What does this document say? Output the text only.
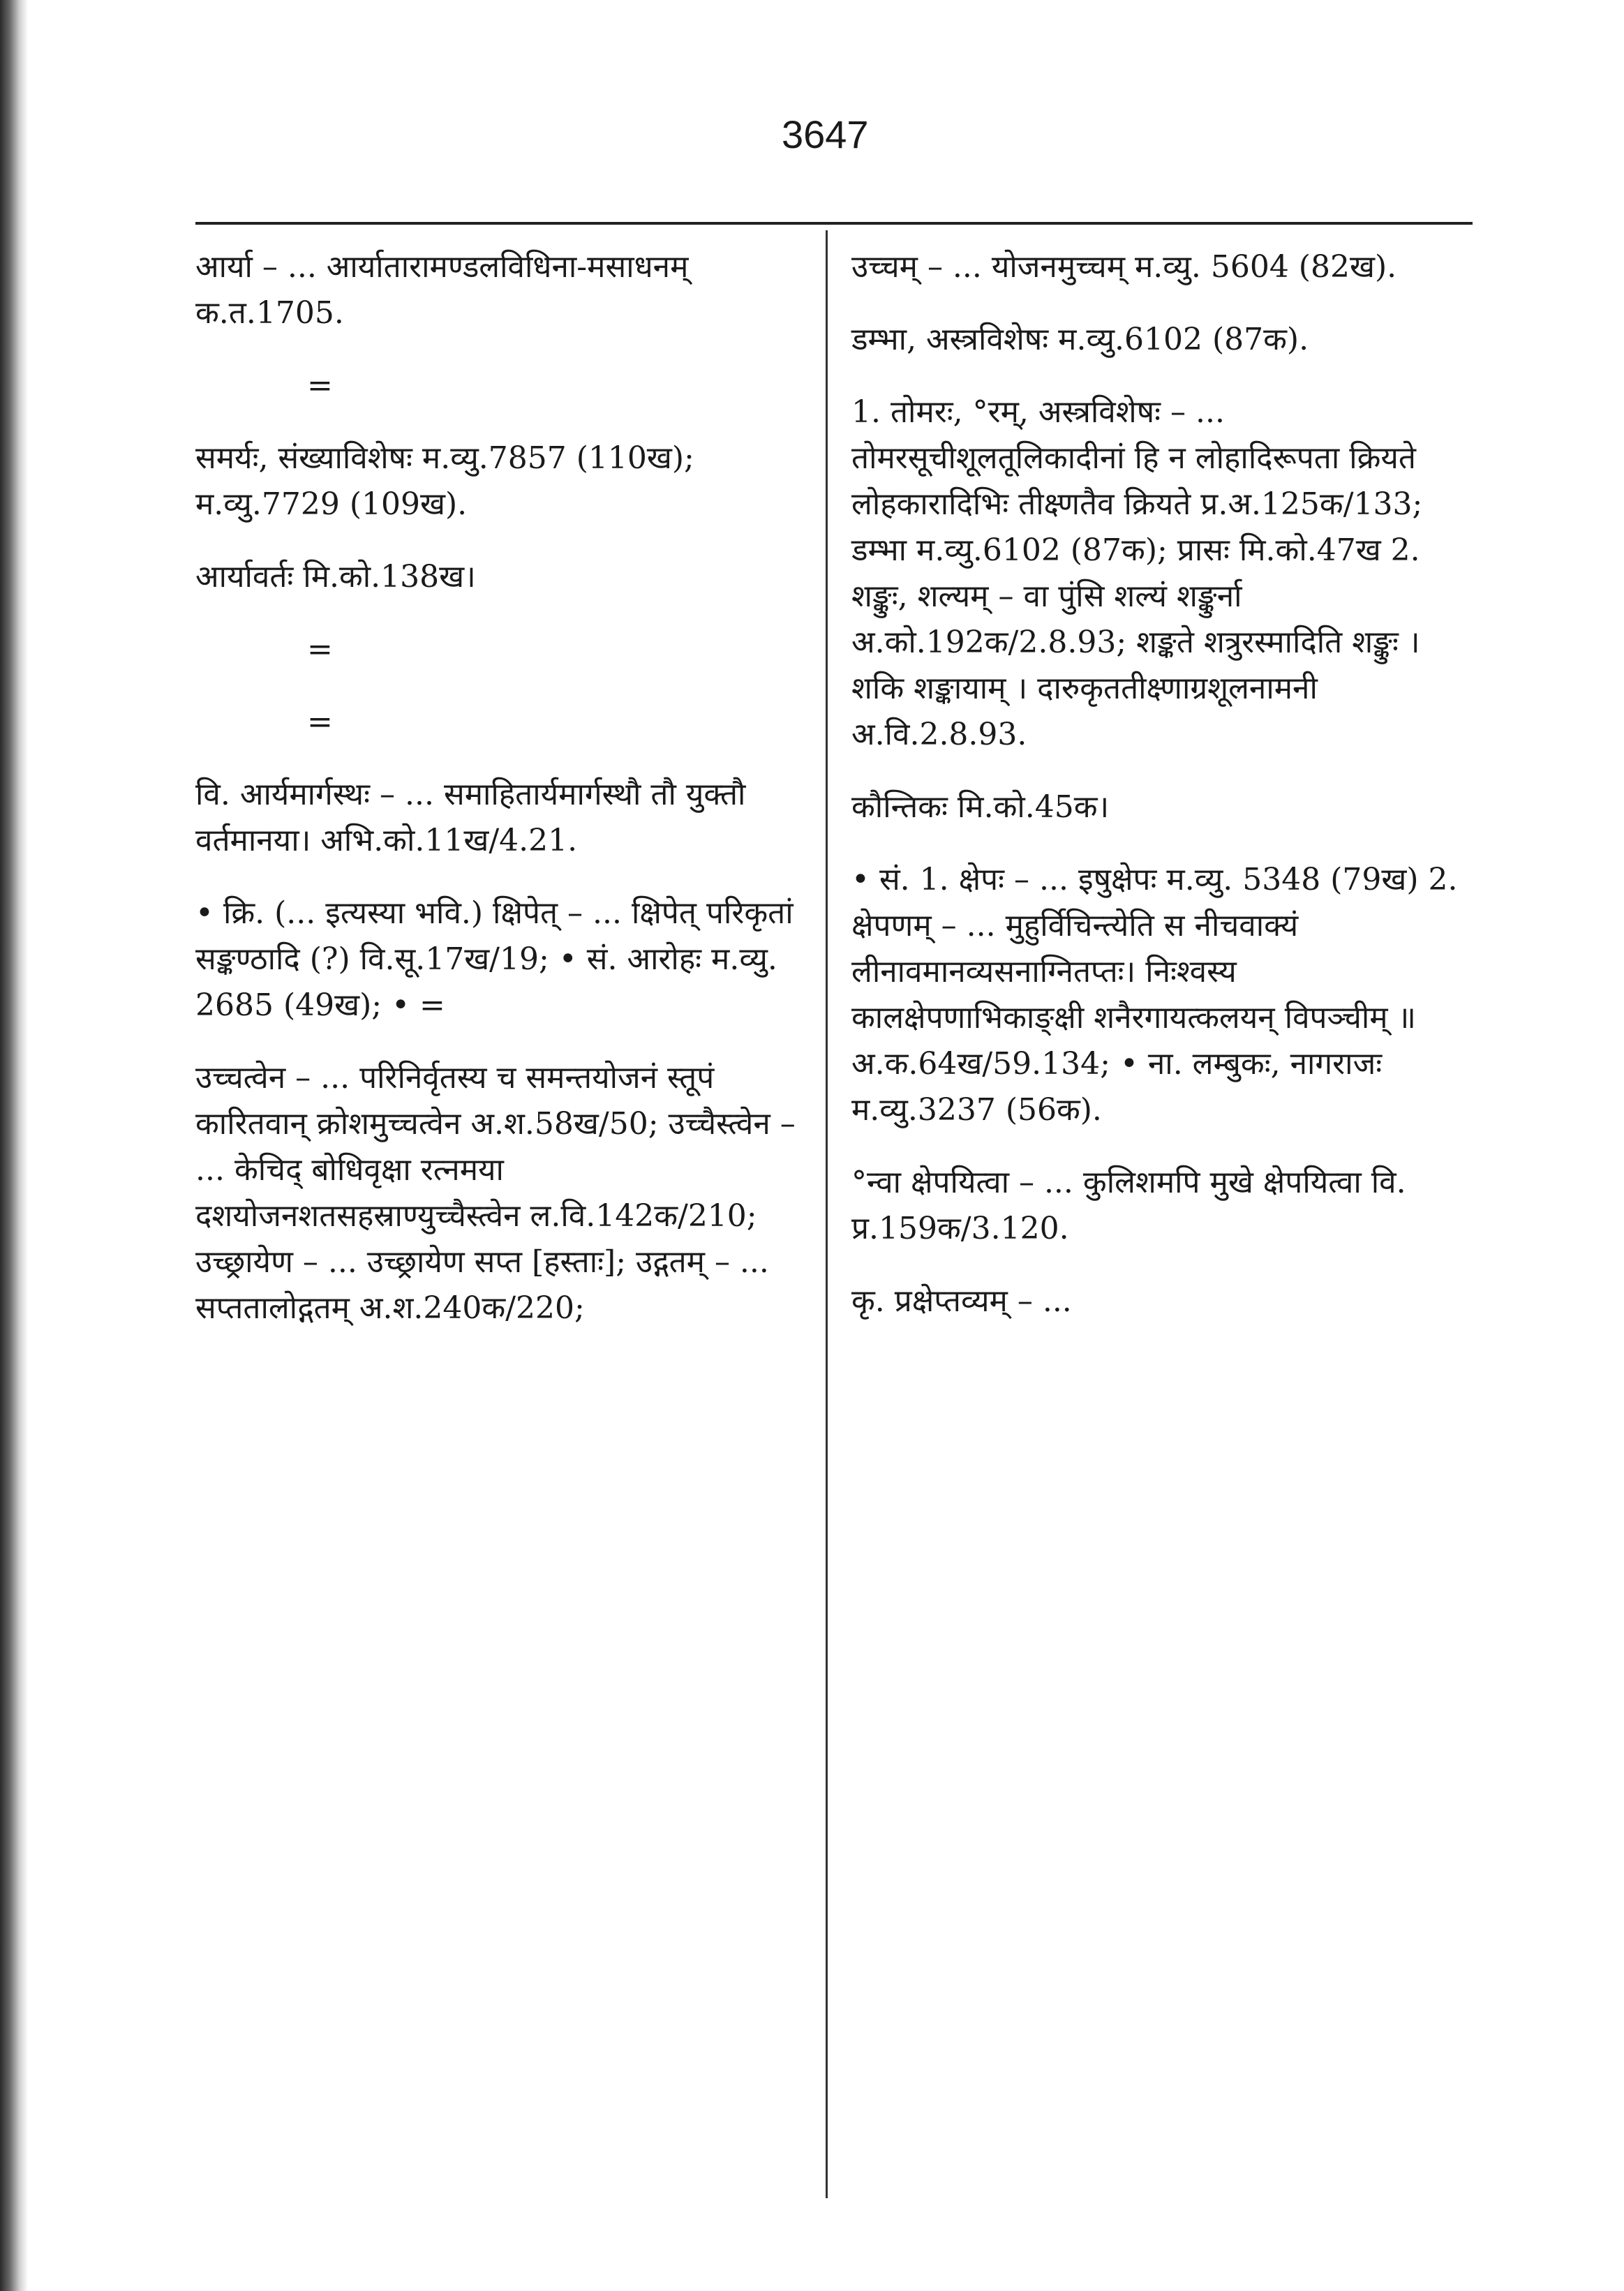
3647
आर्या – ... आर्यातारामण्डलविधिना-मसाधनम् क.त.1705.
=
समर्यः, संख्याविशेषः म.व्यु.7857 (110ख); म.व्यु.7729 (109ख).
आर्यावर्तः मि.को.138ख।
=
=
वि. आर्यमार्गस्थः – ... समाहितार्यमार्गस्थौ तौ युक्तौ वर्तमानया। अभि.को.11ख/4.21.
• क्रि. (... इत्यस्या भवि.) क्षिपेत् – ... क्षिपेत् परिकृतां सङ्कण्ठादि (?) वि.सू.17ख/19; • सं. आरोहः म.व्यु. 2685 (49ख); • =
उच्चत्वेन – ... परिनिर्वृतस्य च समन्तयोजनं स्तूपं कारितवान् क्रोशमुच्चत्वेन अ.श.58ख/50; उच्चैस्त्वेन – ... केचिद् बोधिवृक्षा रत्नमया दशयोजनशतसहस्राण्युच्चैस्त्वेन ल.वि.142क/210; उच्छ्रायेण – ... उच्छ्रायेण सप्त [हस्ताः]; उद्गतम् – ... सप्ततालोद्गतम् अ.श.240क/220;
उच्चम् – ... योजनमुच्चम् म.व्यु. 5604 (82ख).
डम्भा, अस्त्रविशेषः म.व्यु.6102 (87क).
1. तोमरः, °रम्, अस्त्रविशेषः – ... तोमरसूचीशूलतूलिकादीनां हि न लोहादिरूपता क्रियते लोहकारादिभिः तीक्ष्णतैव क्रियते प्र.अ.125क/133; डम्भा म.व्यु.6102 (87क); प्रासः मि.को.47ख 2. शङ्कुः, शल्यम् – वा पुंसि शल्यं शङ्कुर्ना अ.को.192क/2.8.93; शङ्कते शत्रुरस्मादिति शङ्कुः । शकि शङ्कायाम् । दारुकृततीक्ष्णाग्रशूलनामनी अ.वि.2.8.93.
कौन्तिकः मि.को.45क।
• सं. 1. क्षेपः – ... इषुक्षेपः म.व्यु. 5348 (79ख) 2. क्षेपणम् – ... मुहुर्विचिन्त्येति स नीचवाक्यं लीनावमानव्यसनाग्नितप्तः। निःश्वस्य कालक्षेपणाभिकाङ्क्षी शनैरगायत्कलयन् विपञ्चीम् ॥ अ.क.64ख/59.134; • ना. लम्बुकः, नागराजः म.व्यु.3237 (56क).
°न्वा क्षेपयित्वा – ... कुलिशमपि मुखे क्षेपयित्वा वि. प्र.159क/3.120.
कृ. प्रक्षेप्तव्यम् – ...
